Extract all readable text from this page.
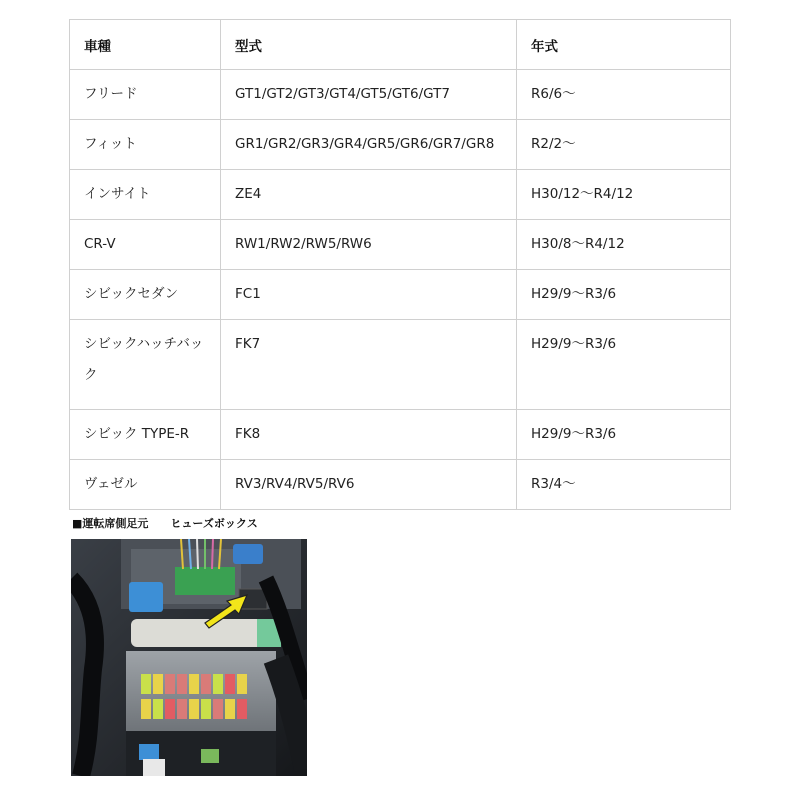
車種	型式	年式
フリード	GT1/GT2/GT3/GT4/GT5/GT6/GT7	R6/6～
フィット	GR1/GR2/GR3/GR4/GR5/GR6/GR7/GR8	R2/2～
インサイト	ZE4	H30/12～R4/12
CR-V	RW1/RW2/RW5/RW6	H30/8～R4/12
シビックセダン	FC1	H29/9～R3/6
シビックハッチバック	FK7	H29/9～R3/6
シビック TYPE-R	FK8	H29/9～R3/6
ヴェゼル	RV3/RV4/RV5/RV6	R3/4～
■運転席側足元　　ヒューズボックス
